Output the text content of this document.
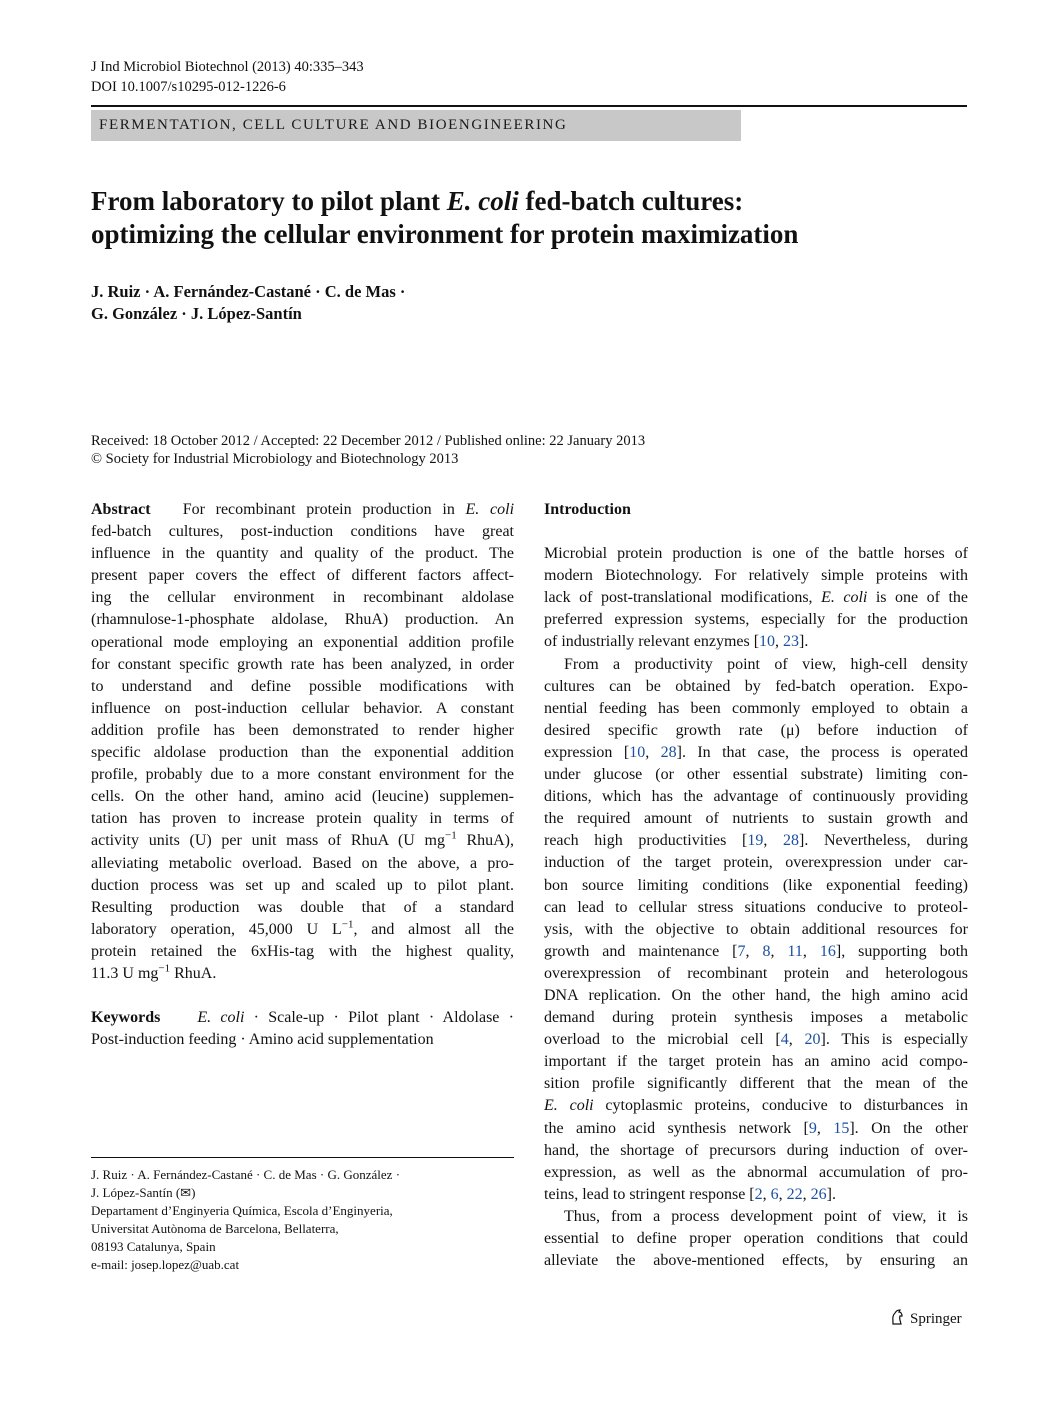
J Ind Microbiol Biotechnol (2013) 40:335–343
DOI 10.1007/s10295-012-1226-6
FERMENTATION, CELL CULTURE AND BIOENGINEERING
From laboratory to pilot plant E. coli fed-batch cultures:
optimizing the cellular environment for protein maximization
J. Ruiz · A. Fernández-Castané · C. de Mas ·
G. González · J. López-Santín
Received: 18 October 2012 / Accepted: 22 December 2012 / Published online: 22 January 2013
© Society for Industrial Microbiology and Biotechnology 2013
Abstract For recombinant protein production in E. coli
fed-batch cultures, post-induction conditions have great
influence in the quantity and quality of the product. The
present paper covers the effect of different factors affect-
ing the cellular environment in recombinant aldolase
(rhamnulose-1-phosphate aldolase, RhuA) production. An
operational mode employing an exponential addition profile
for constant specific growth rate has been analyzed, in order
to understand and define possible modifications with
influence on post-induction cellular behavior. A constant
addition profile has been demonstrated to render higher
specific aldolase production than the exponential addition
profile, probably due to a more constant environment for the
cells. On the other hand, amino acid (leucine) supplemen-
tation has proven to increase protein quality in terms of
activity units (U) per unit mass of RhuA (U $mg^{-1}$ RhuA),
alleviating metabolic overload. Based on the above, a pro-
duction process was set up and scaled up to pilot plant.
Resulting production was double that of a standard
laboratory operation, 45,000 U $L^{-1}$, and almost all the
protein retained the 6xHis-tag with the highest quality,
11.3 U $mg^{-1}$ RhuA.
Keywords E. coli · Scale-up · Pilot plant · Aldolase ·
Post-induction feeding · Amino acid supplementation
J. Ruiz · A. Fernández-Castané · C. de Mas · G. González ·
J. López-Santín (✉)
Departament d’Enginyeria Química, Escola d’Enginyeria,
Universitat Autònoma de Barcelona, Bellaterra,
08193 Catalunya, Spain
e-mail: josep.lopez@uab.cat
Introduction
Microbial protein production is one of the battle horses of
modern Biotechnology. For relatively simple proteins with
lack of post-translational modifications, E. coli is one of the
preferred expression systems, especially for the production
of industrially relevant enzymes [10, 23].
From a productivity point of view, high-cell density
cultures can be obtained by fed-batch operation. Expo-
nential feeding has been commonly employed to obtain a
desired specific growth rate (μ) before induction of
expression [10, 28]. In that case, the process is operated
under glucose (or other essential substrate) limiting con-
ditions, which has the advantage of continuously providing
the required amount of nutrients to sustain growth and
reach high productivities [19, 28]. Nevertheless, during
induction of the target protein, overexpression under car-
bon source limiting conditions (like exponential feeding)
can lead to cellular stress situations conducive to proteol-
ysis, with the objective to obtain additional resources for
growth and maintenance [7, 8, 11, 16], supporting both
overexpression of recombinant protein and heterologous
DNA replication. On the other hand, the high amino acid
demand during protein synthesis imposes a metabolic
overload to the microbial cell [4, 20]. This is especially
important if the target protein has an amino acid compo-
sition profile significantly different that the mean of the
E. coli cytoplasmic proteins, conducive to disturbances in
the amino acid synthesis network [9, 15]. On the other
hand, the shortage of precursors during induction of over-
expression, as well as the abnormal accumulation of pro-
teins, lead to stringent response [2, 6, 22, 26].
Thus, from a process development point of view, it is
essential to define proper operation conditions that could
alleviate the above-mentioned effects, by ensuring an
Springer
